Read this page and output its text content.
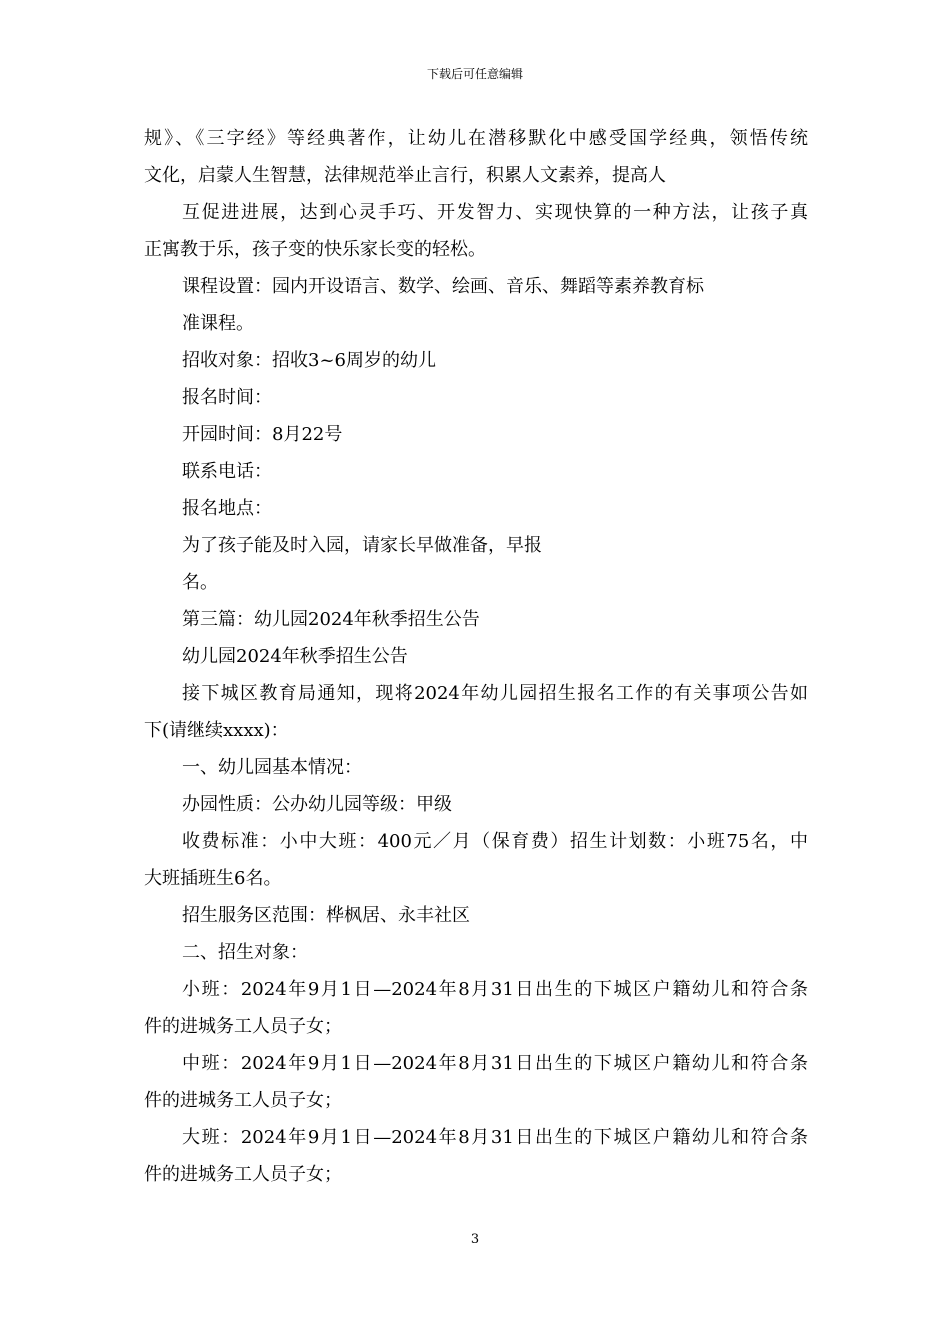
下载后可任意编辑

规》、《三字经》等经典著作，让幼儿在潜移默化中感受国学经典，领悟传统

文化，启蒙人生智慧，法律规范举止言行，积累人文素养，提高人

互促进进展，达到心灵手巧、开发智力、实现快算的一种方法，让孩子真

正寓教于乐，孩子变的快乐家长变的轻松。

课程设置：园内开设语言、数学、绘画、音乐、舞蹈等素养教育标

准课程。

招收对象：招收3~6周岁的幼儿

报名时间：

开园时间：8月22号

联系电话：

报名地点：

为了孩子能及时入园，请家长早做准备，早报

名。

第三篇：幼儿园2024年秋季招生公告

幼儿园2024年秋季招生公告

接下城区教育局通知，现将2024年幼儿园招生报名工作的有关事项公告如

下(请继续xxxx)：

一、幼儿园基本情况：

办园性质：公办幼儿园等级：甲级

收费标准：小中大班：400元／月（保育费）招生计划数：小班75名，中

大班插班生6名。

招生服务区范围：桦枫居、永丰社区

二、招生对象：

小班：2024年9月1日—2024年8月31日出生的下城区户籍幼儿和符合条

件的进城务工人员子女；

中班：2024年9月1日—2024年8月31日出生的下城区户籍幼儿和符合条

件的进城务工人员子女；

大班：2024年9月1日—2024年8月31日出生的下城区户籍幼儿和符合条

件的进城务工人员子女；

3
